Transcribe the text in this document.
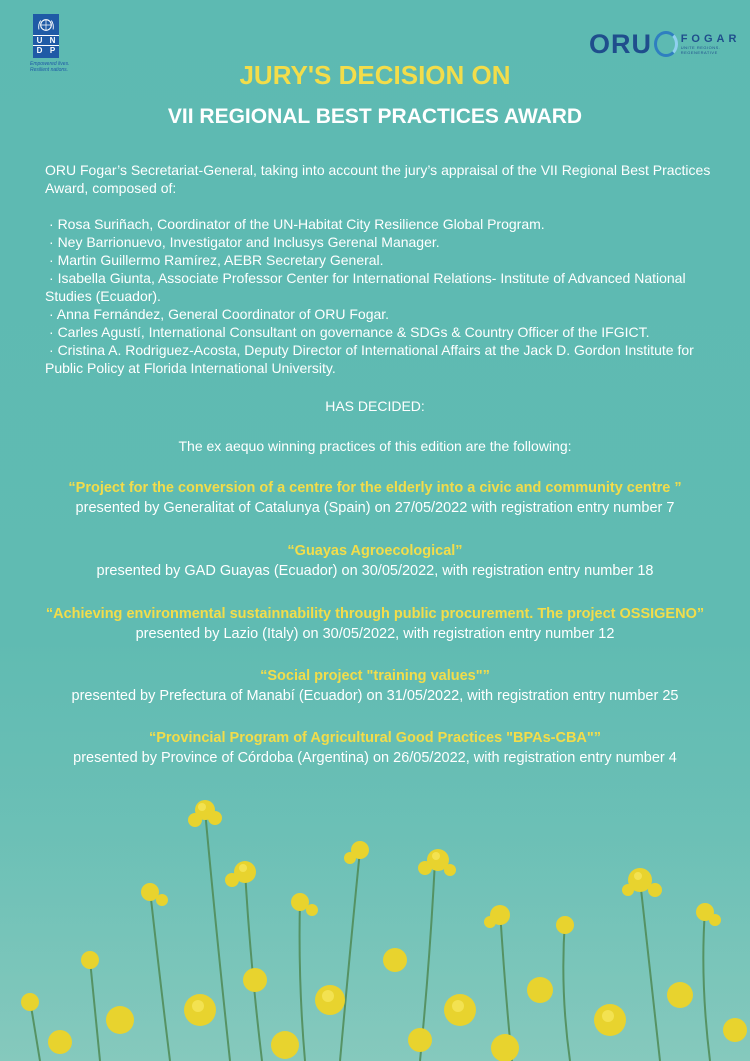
U N
D P
Empowered lives. Resilient nations.
ORU	FOGAR
UNITE REGIONS. REGENERATIVE
JURY'S DECISION ON
VII REGIONAL BEST PRACTICES AWARD
ORU Fogar’s Secretariat-General, taking into account the jury’s appraisal of the VII Regional Best Practices Award, composed of:
· Rosa Suriñach, Coordinator of the UN-Habitat City Resilience Global Program.
· Ney Barrionuevo, Investigator and Inclusys Gerenal Manager.
· Martin Guillermo Ramírez, AEBR Secretary General.
· Isabella Giunta, Associate Professor Center for International Relations- Institute of Advanced National Studies (Ecuador).
· Anna Fernández, General Coordinator of ORU Fogar.
· Carles Agustí, International Consultant on governance & SDGs & Country Officer of the IFGICT.
· Cristina A. Rodriguez-Acosta, Deputy Director of International Affairs at the Jack D. Gordon Institute for Public Policy at Florida International University.
HAS DECIDED:
The ex aequo winning practices of this edition are the following:
“Project for the conversion of a centre for the elderly into a civic and community centre ”
presented by Generalitat of Catalunya (Spain) on 27/05/2022 with registration entry number 7
“Guayas Agroecological”
presented by GAD Guayas (Ecuador) on 30/05/2022, with registration entry number 18
“Achieving environmental sustainnability through public procurement. The project OSSIGENO”
presented by Lazio (Italy) on 30/05/2022, with registration entry number 12
“Social project "training values"”
presented by Prefectura of Manabí (Ecuador) on 31/05/2022, with registration entry number 25
“Provincial Program of Agricultural Good Practices "BPAs-CBA"”
presented by Province of Córdoba (Argentina) on 26/05/2022, with registration entry number 4
